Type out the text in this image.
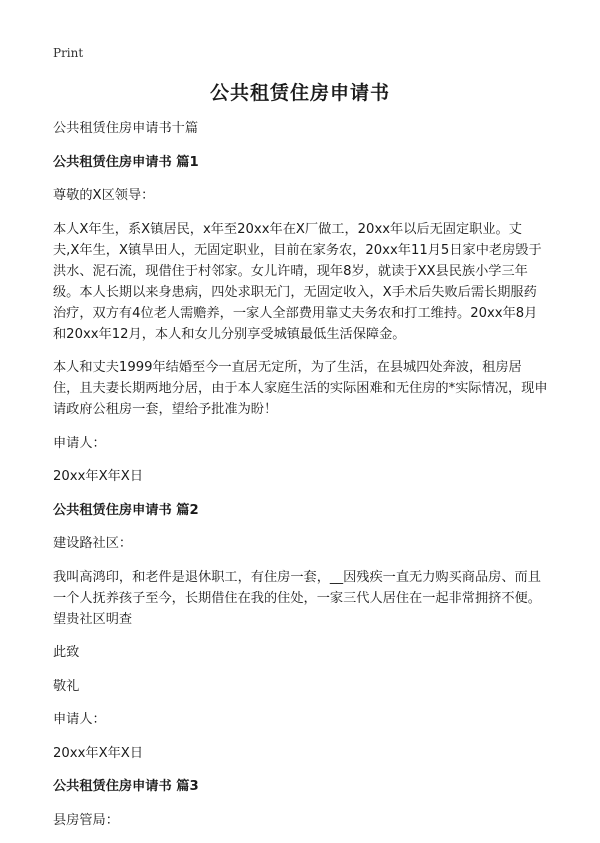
Print
公共租赁住房申请书

公共租赁住房申请书十篇

公共租赁住房申请书 篇1

尊敬的X区领导：

本人X年生，系X镇居民，x年至20xx年在X厂做工，20xx年以后无固定职业。丈夫,X年生，X镇旱田人，无固定职业，目前在家务农，20xx年11月5日家中老房毁于洪水、泥石流，现借住于村邻家。女儿许晴，现年8岁，就读于XX县民族小学三年级。本人长期以来身患病，四处求职无门，无固定收入，X手术后失败后需长期服药治疗，双方有4位老人需赡养，一家人全部费用靠丈夫务农和打工维持。20xx年8月和20xx年12月，本人和女儿分别享受城镇最低生活保障金。

本人和丈夫1999年结婚至今一直居无定所，为了生活，在县城四处奔波，租房居住，且夫妻长期两地分居，由于本人家庭生活的实际困难和无住房的*实际情况，现申请政府公租房一套，望给予批准为盼！

申请人：

20xx年X年X日

公共租赁住房申请书 篇2

建设路社区：

我叫高鸿印，和老件是退休职工，有住房一套，__因残疾一直无力购买商品房、而且一个人抚养孩子至今，长期借住在我的住处，一家三代人居住在一起非常拥挤不便。望贵社区明查

此致

敬礼

申请人：

20xx年X年X日

公共租赁住房申请书 篇3

县房管局：
